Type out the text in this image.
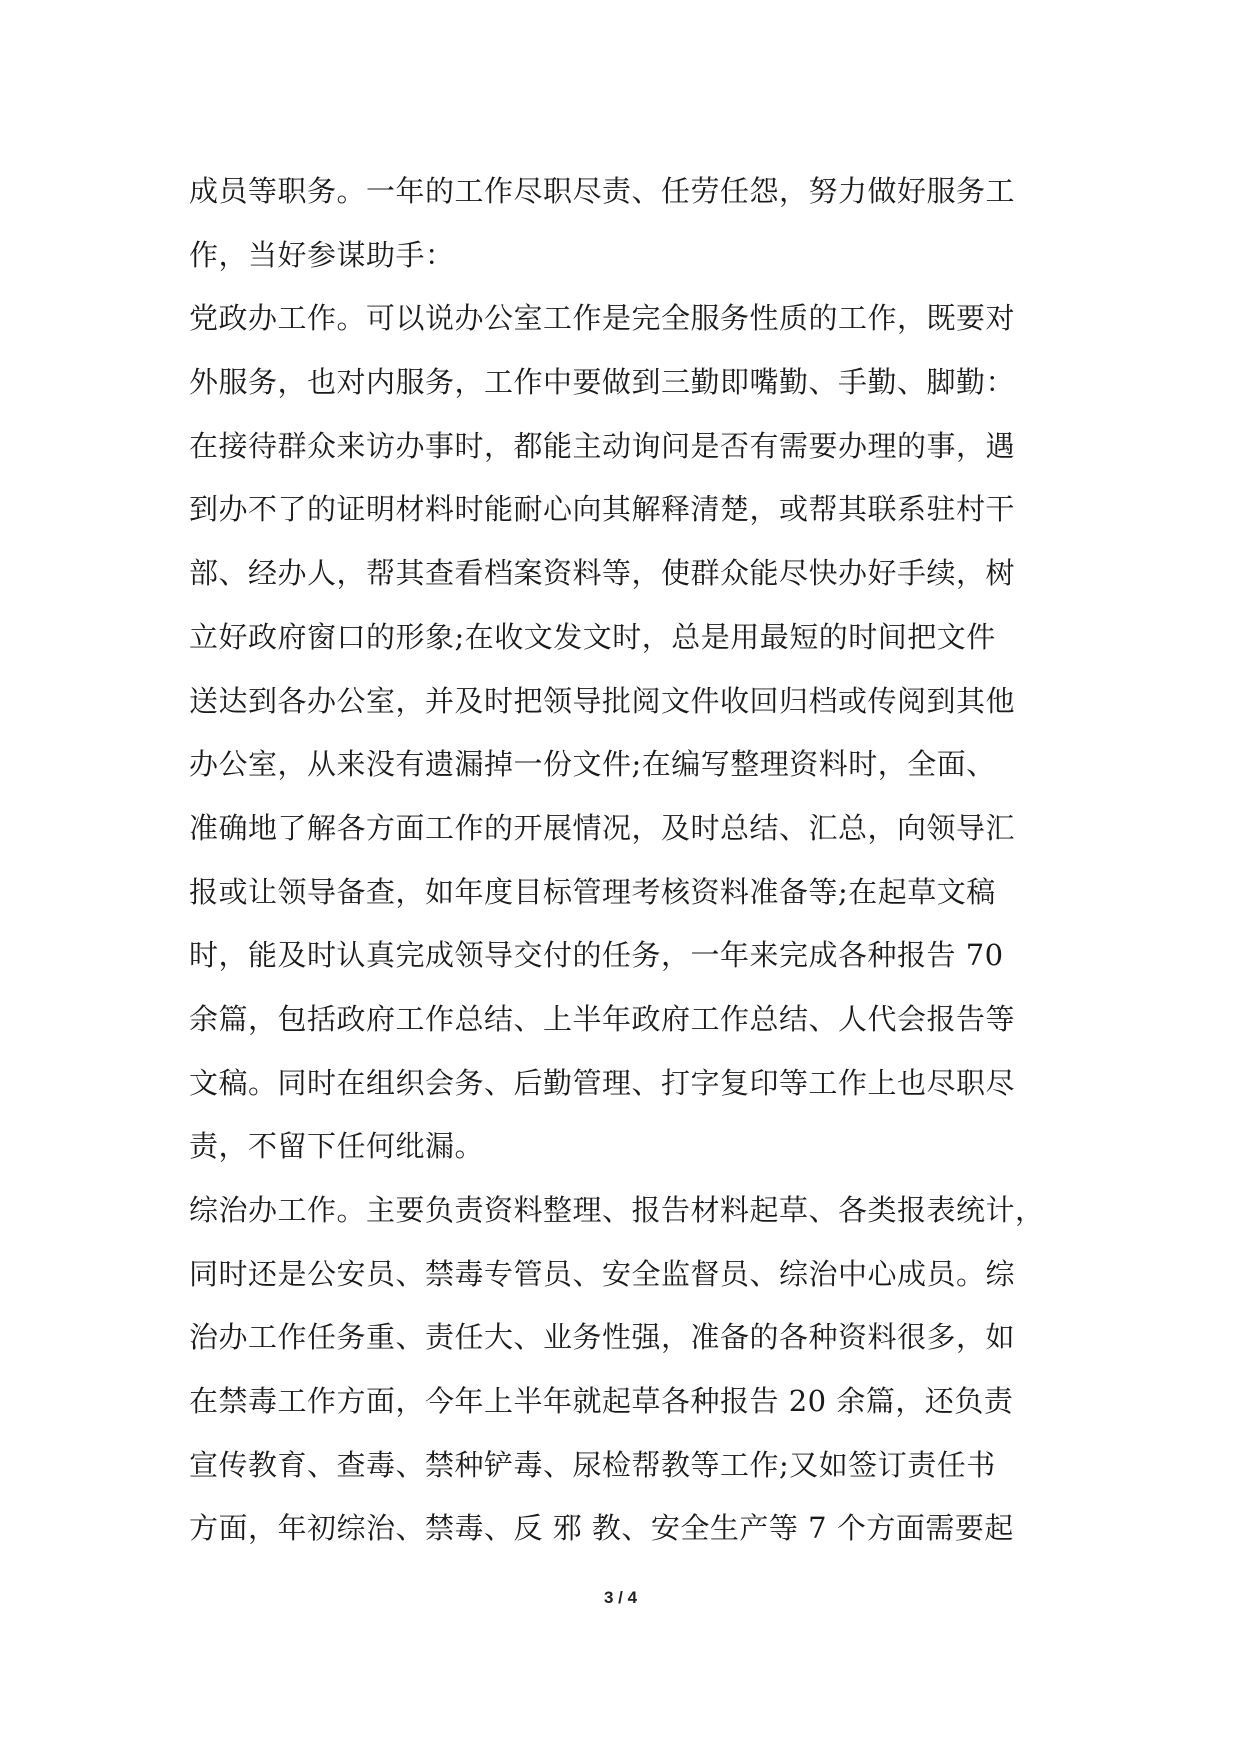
成员等职务。一年的工作尽职尽责、任劳任怨，努力做好服务工
作，当好参谋助手：
党政办工作。可以说办公室工作是完全服务性质的工作，既要对
外服务，也对内服务，工作中要做到三勤即嘴勤、手勤、脚勤：
在接待群众来访办事时，都能主动询问是否有需要办理的事，遇
到办不了的证明材料时能耐心向其解释清楚，或帮其联系驻村干
部、经办人，帮其查看档案资料等，使群众能尽快办好手续，树
立好政府窗口的形象;在收文发文时，总是用最短的时间把文件
送达到各办公室，并及时把领导批阅文件收回归档或传阅到其他
办公室，从来没有遗漏掉一份文件;在编写整理资料时，全面、
准确地了解各方面工作的开展情况，及时总结、汇总，向领导汇
报或让领导备查，如年度目标管理考核资料准备等;在起草文稿
时，能及时认真完成领导交付的任务，一年来完成各种报告 70
余篇，包括政府工作总结、上半年政府工作总结、人代会报告等
文稿。同时在组织会务、后勤管理、打字复印等工作上也尽职尽
责，不留下任何纰漏。
综治办工作。主要负责资料整理、报告材料起草、各类报表统计，
同时还是公安员、禁毒专管员、安全监督员、综治中心成员。综
治办工作任务重、责任大、业务性强，准备的各种资料很多，如
在禁毒工作方面，今年上半年就起草各种报告 20 余篇，还负责
宣传教育、查毒、禁种铲毒、尿检帮教等工作;又如签订责任书
方面，年初综治、禁毒、反 邪 教、安全生产等 7 个方面需要起
3 / 4
